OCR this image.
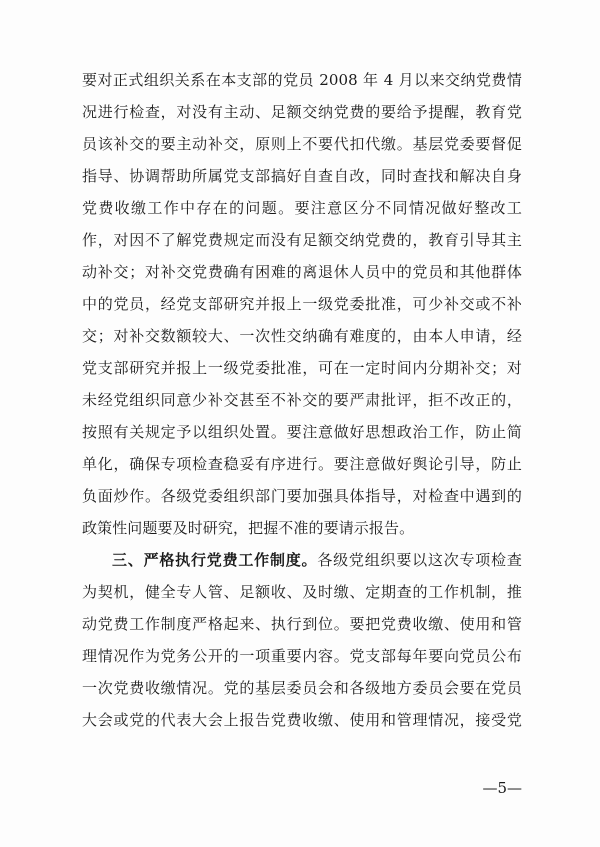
要对正式组织关系在本支部的党员 2008 年 4 月以来交纳党费情
况进行检查，对没有主动、足额交纳党费的要给予提醒，教育党
员该补交的要主动补交，原则上不要代扣代缴。基层党委要督促
指导、协调帮助所属党支部搞好自查自改，同时查找和解决自身
党费收缴工作中存在的问题。要注意区分不同情况做好整改工
作，对因不了解党费规定而没有足额交纳党费的，教育引导其主
动补交；对补交党费确有困难的离退休人员中的党员和其他群体
中的党员，经党支部研究并报上一级党委批准，可少补交或不补
交；对补交数额较大、一次性交纳确有难度的，由本人申请，经
党支部研究并报上一级党委批准，可在一定时间内分期补交；对
未经党组织同意少补交甚至不补交的要严肃批评，拒不改正的，
按照有关规定予以组织处置。要注意做好思想政治工作，防止简
单化，确保专项检查稳妥有序进行。要注意做好舆论引导，防止
负面炒作。各级党委组织部门要加强具体指导，对检查中遇到的
政策性问题要及时研究，把握不准的要请示报告。
三、严格执行党费工作制度。各级党组织要以这次专项检查
为契机，健全专人管、足额收、及时缴、定期查的工作机制，推
动党费工作制度严格起来、执行到位。要把党费收缴、使用和管
理情况作为党务公开的一项重要内容。党支部每年要向党员公布
一次党费收缴情况。党的基层委员会和各级地方委员会要在党员
大会或党的代表大会上报告党费收缴、使用和管理情况，接受党
—5—
